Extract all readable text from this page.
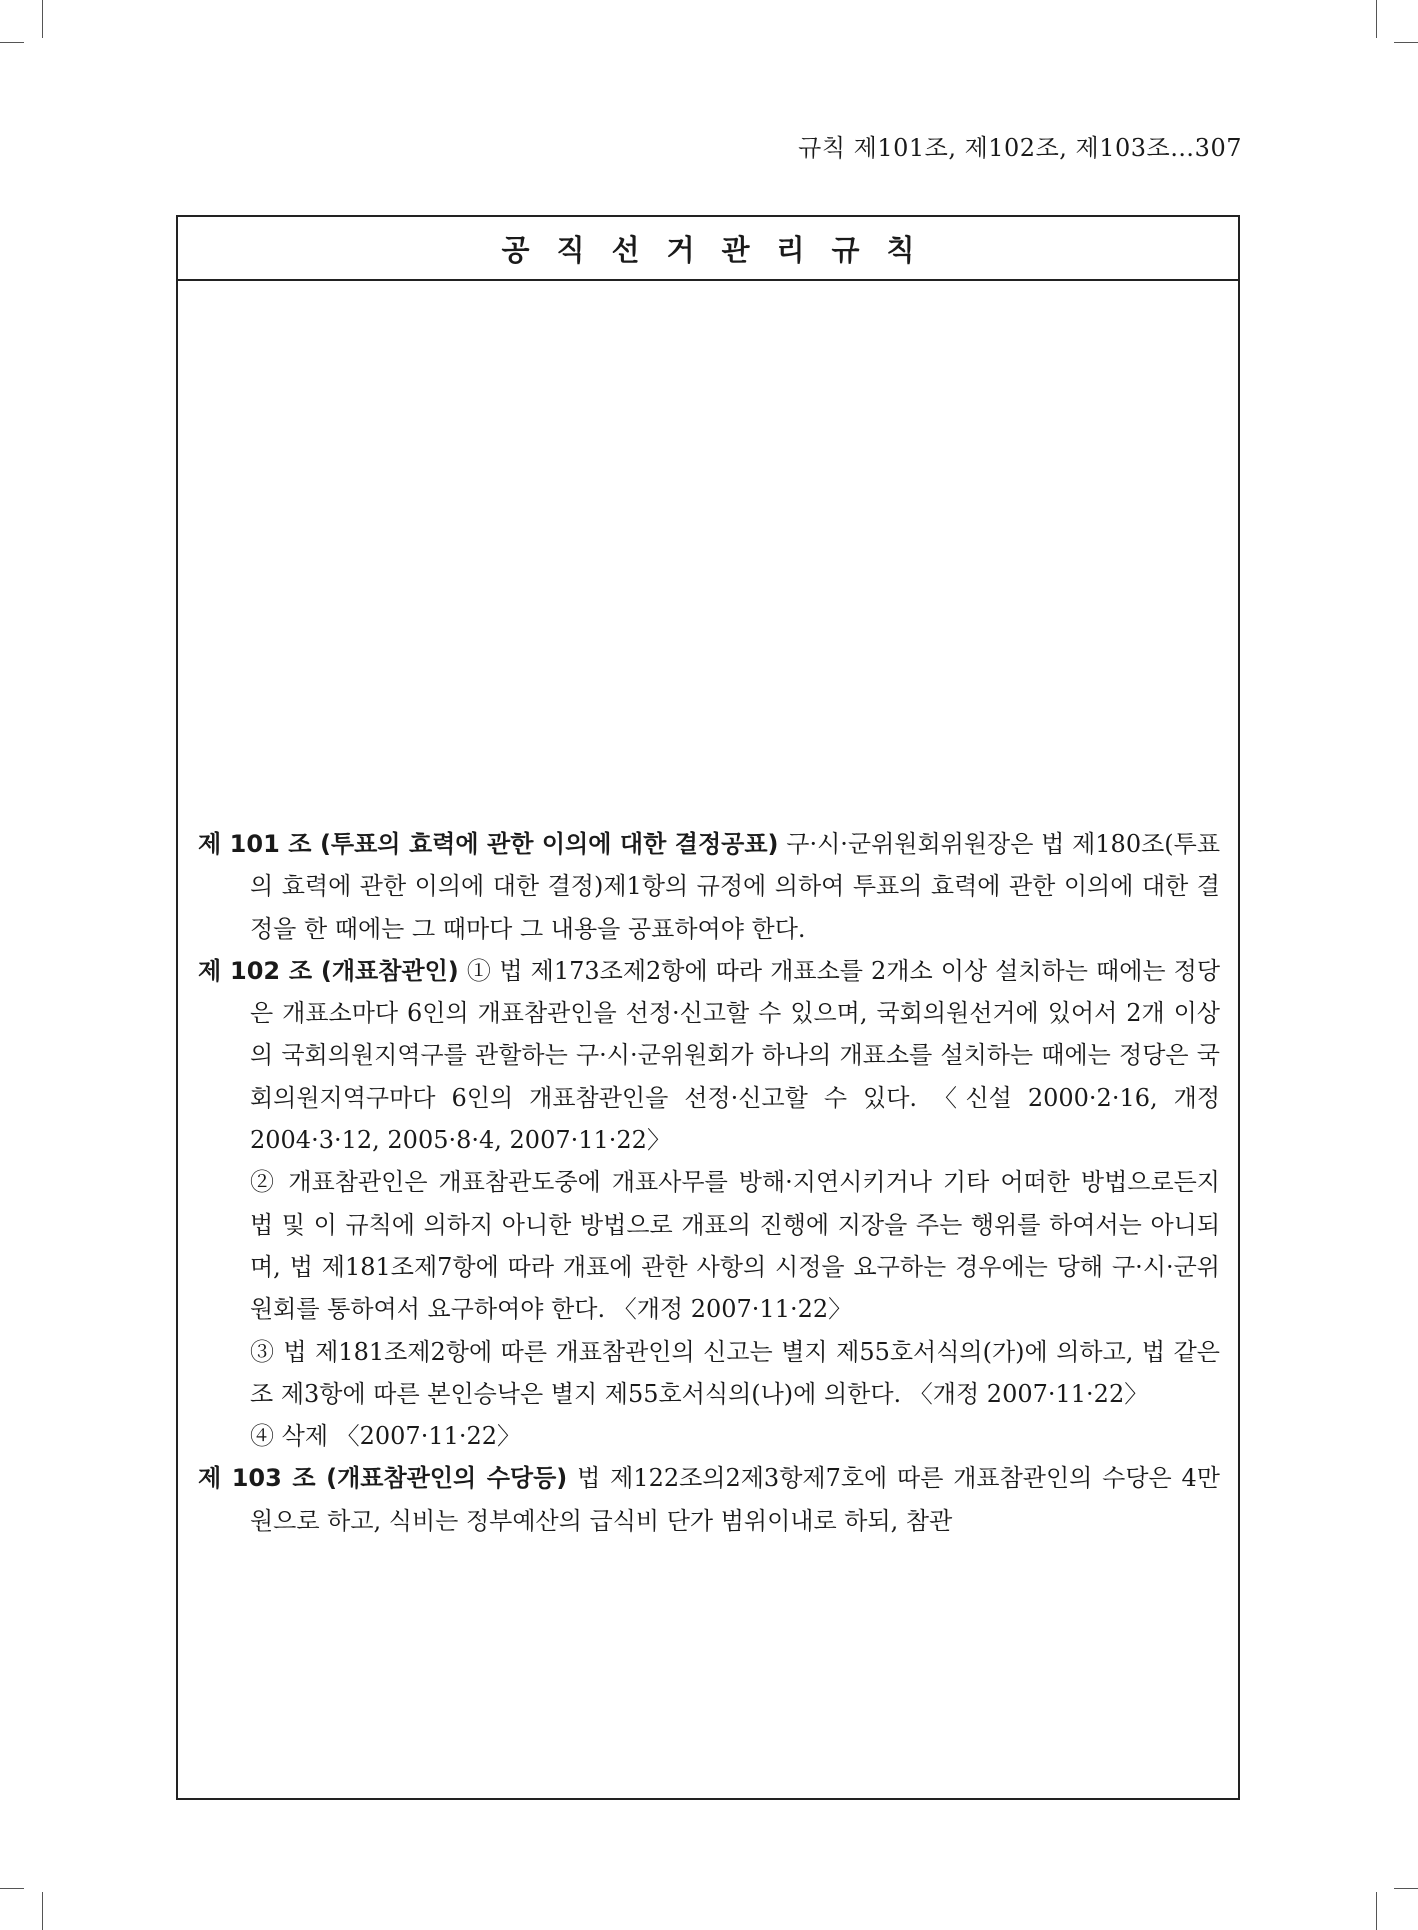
규칙 제101조, 제102조, 제103조…307
공직선거관리규칙

제 101 조 (투표의 효력에 관한 이의에 대한 결정공표) 구·시·군위원회위원장은 법 제180조(투표의 효력에 관한 이의에 대한 결정)제1항의 규정에 의하여 투표의 효력에 관한 이의에 대한 결정을 한 때에는 그 때마다 그 내용을 공표하여야 한다.

제 102 조 (개표참관인) ① 법 제173조제2항에 따라 개표소를 2개소 이상 설치하는 때에는 정당은 개표소마다 6인의 개표참관인을 선정·신고할 수 있으며, 국회의원선거에 있어서 2개 이상의 국회의원지역구를 관할하는 구·시·군위원회가 하나의 개표소를 설치하는 때에는 정당은 국회의원지역구마다 6인의 개표참관인을 선정·신고할 수 있다. 〈신설 2000·2·16, 개정 2004·3·12, 2005·8·4, 2007·11·22〉

② 개표참관인은 개표참관도중에 개표사무를 방해·지연시키거나 기타 어떠한 방법으로든지 법 및 이 규칙에 의하지 아니한 방법으로 개표의 진행에 지장을 주는 행위를 하여서는 아니되며, 법 제181조제7항에 따라 개표에 관한 사항의 시정을 요구하는 경우에는 당해 구·시·군위원회를 통하여서 요구하여야 한다. 〈개정 2007·11·22〉

③ 법 제181조제2항에 따른 개표참관인의 신고는 별지 제55호서식의(가)에 의하고, 법 같은 조 제3항에 따른 본인승낙은 별지 제55호서식의(나)에 의한다. 〈개정 2007·11·22〉

④ 삭제 〈2007·11·22〉

제 103 조 (개표참관인의 수당등) 법 제122조의2제3항제7호에 따른 개표참관인의 수당은 4만원으로 하고, 식비는 정부예산의 급식비 단가 범위이내로 하되, 참관
